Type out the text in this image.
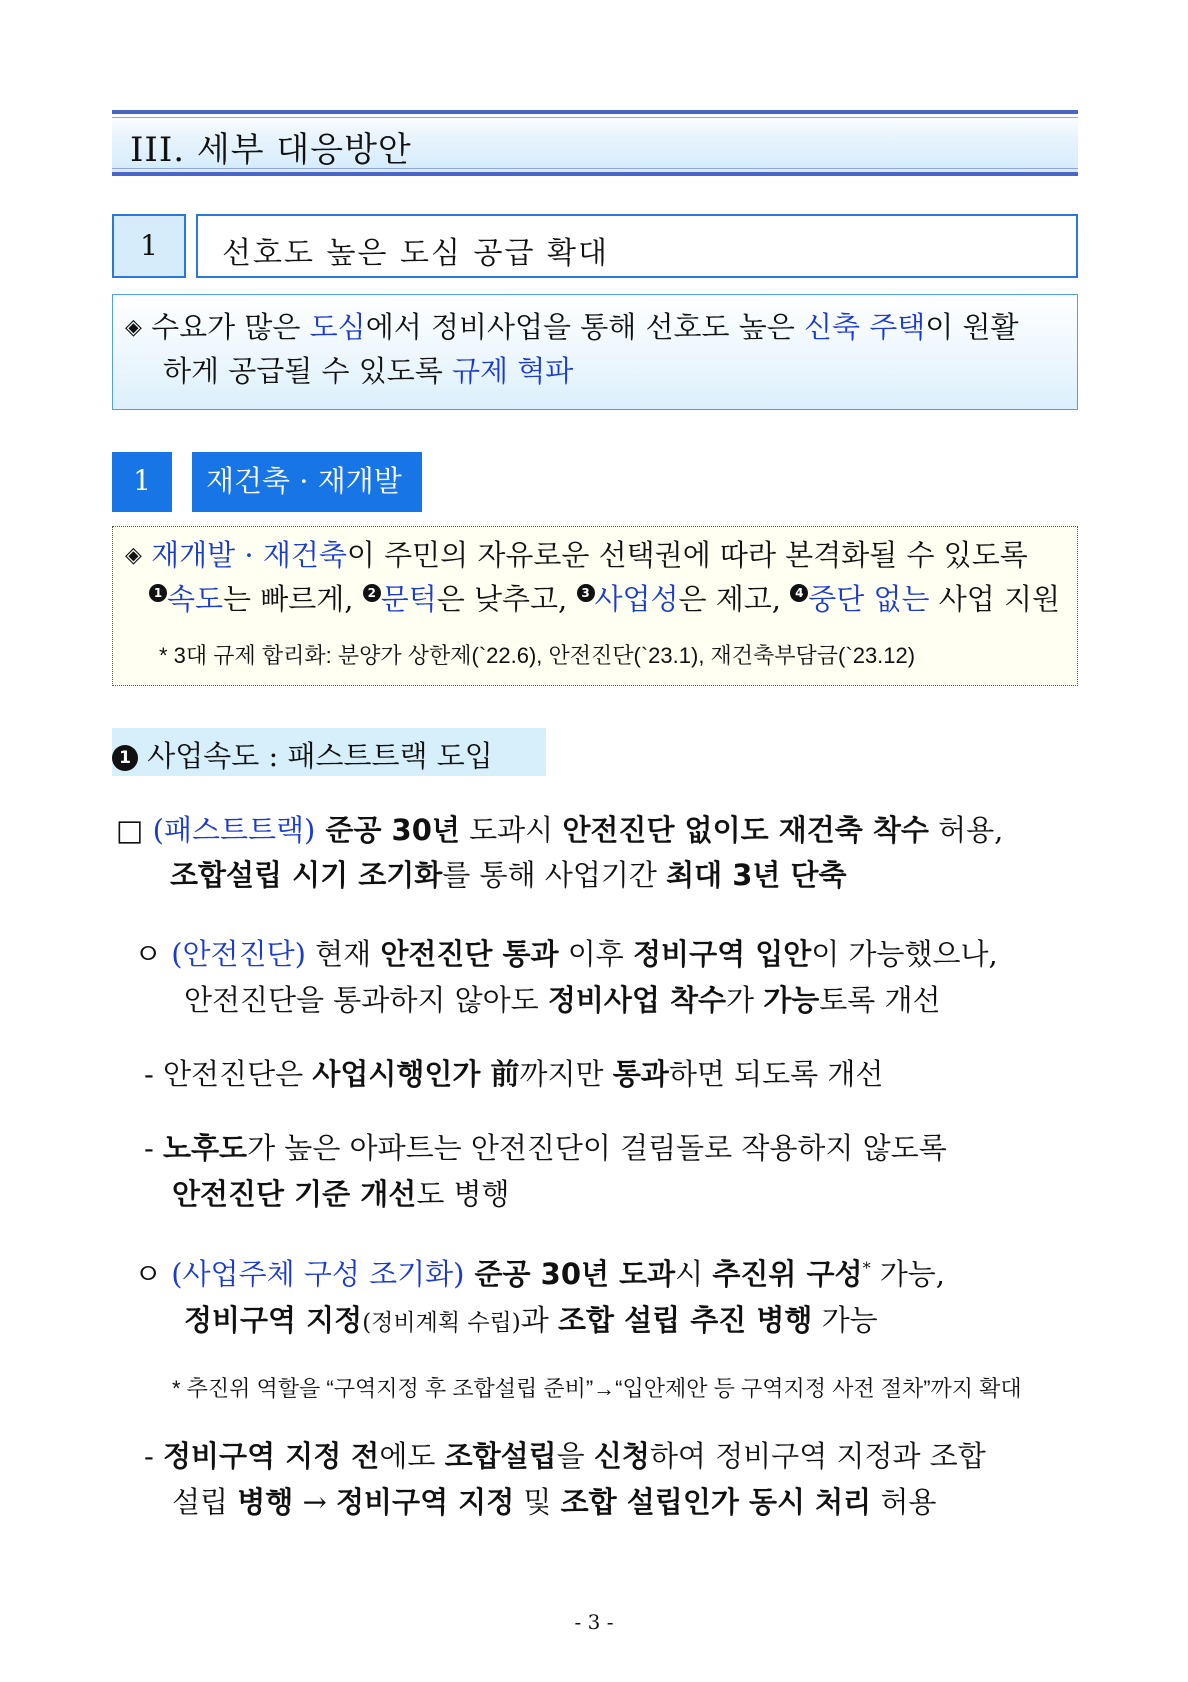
III. 세부 대응방안
1	선호도 높은 도심 공급 확대
◈ 수요가 많은 도심에서 정비사업을 통해 선호도 높은 신축 주택이 원활
하게 공급될 수 있도록 규제 혁파
1	재건축 · 재개발
◈ 재개발 · 재건축이 주민의 자유로운 선택권에 따라 본격화될 수 있도록
1 속도는 빠르게, 2 문턱은 낮추고, 3 사업성은 제고, 4 중단 없는 사업 지원
* 3대 규제 합리화: 분양가 상한제(`22.6), 안전진단(`23.1), 재건축부담금(`23.12)
1 사업속도 : 패스트트랙 도입
□ (패스트트랙) 준공 30년 도과시 안전진단 없이도 재건축 착수 허용,
조합설립 시기 조기화를 통해 사업기간 최대 3년 단축
ㅇ (안전진단) 현재 안전진단 통과 이후 정비구역 입안이 가능했으나,
안전진단을 통과하지 않아도 정비사업 착수가 가능토록 개선
- 안전진단은 사업시행인가 前까지만 통과하면 되도록 개선
- 노후도가 높은 아파트는 안전진단이 걸림돌로 작용하지 않도록
안전진단 기준 개선도 병행
ㅇ (사업주체 구성 조기화) 준공 30년 도과시 추진위 구성* 가능,
정비구역 지정(정비계획 수립)과 조합 설립 추진 병행 가능
* 추진위 역할을 “구역지정 후 조합설립 준비”→“입안제안 등 구역지정 사전 절차”까지 확대
- 정비구역 지정 전에도 조합설립을 신청하여 정비구역 지정과 조합
설립 병행 → 정비구역 지정 및 조합 설립인가 동시 처리 허용
- 3 -
